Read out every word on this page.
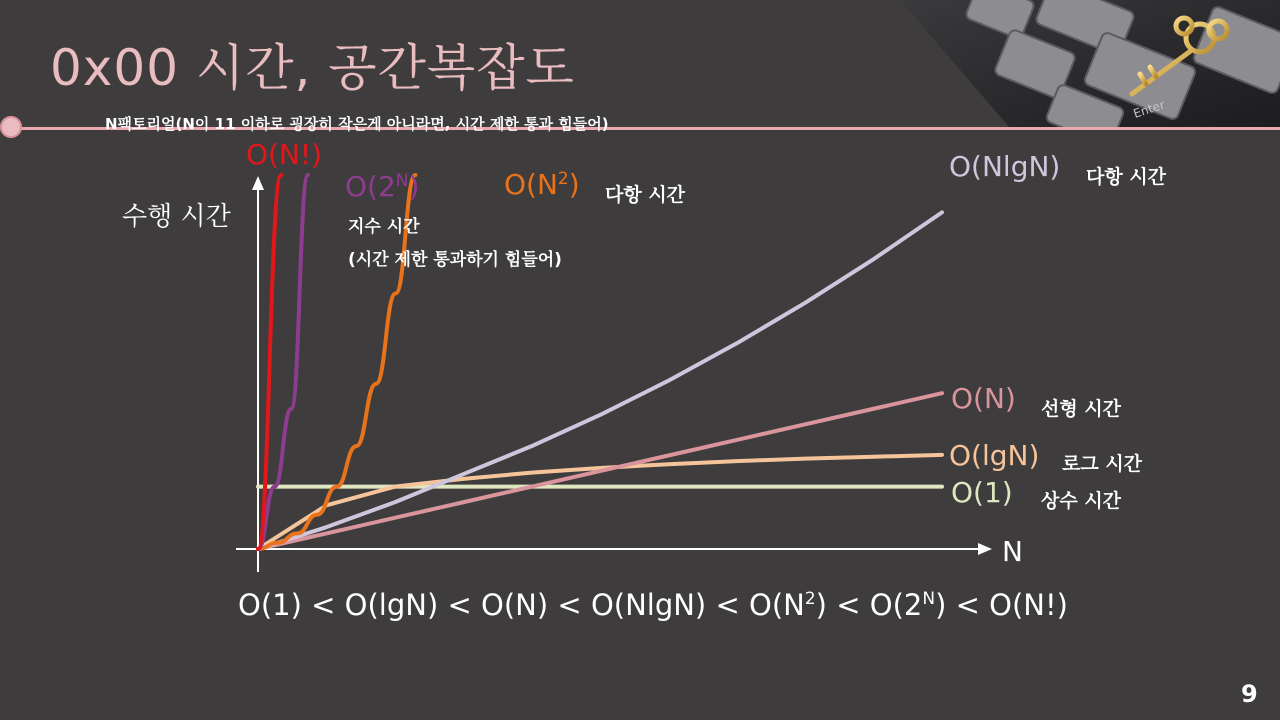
Enter
0x00 시간, 공간복잡도
N팩토리얼(N이 11 이하로 굉장히 작은게 아니라면, 시간 제한 통과 힘들어)
수행 시간
N
O(1) 상수 시간
O(lgN) 로그 시간
O(N) 선형 시간
O(NlgN) 다항 시간
$O(N^2)$ 다항 시간
$O(2^N)$
지수 시간
(시간 제한 통과하기 힘들어)
O(N!)
$O(1) < O(\lg N) < O(N) < O(NlgN) < O(N^2) < O(2^N) < O(N!)$
9
